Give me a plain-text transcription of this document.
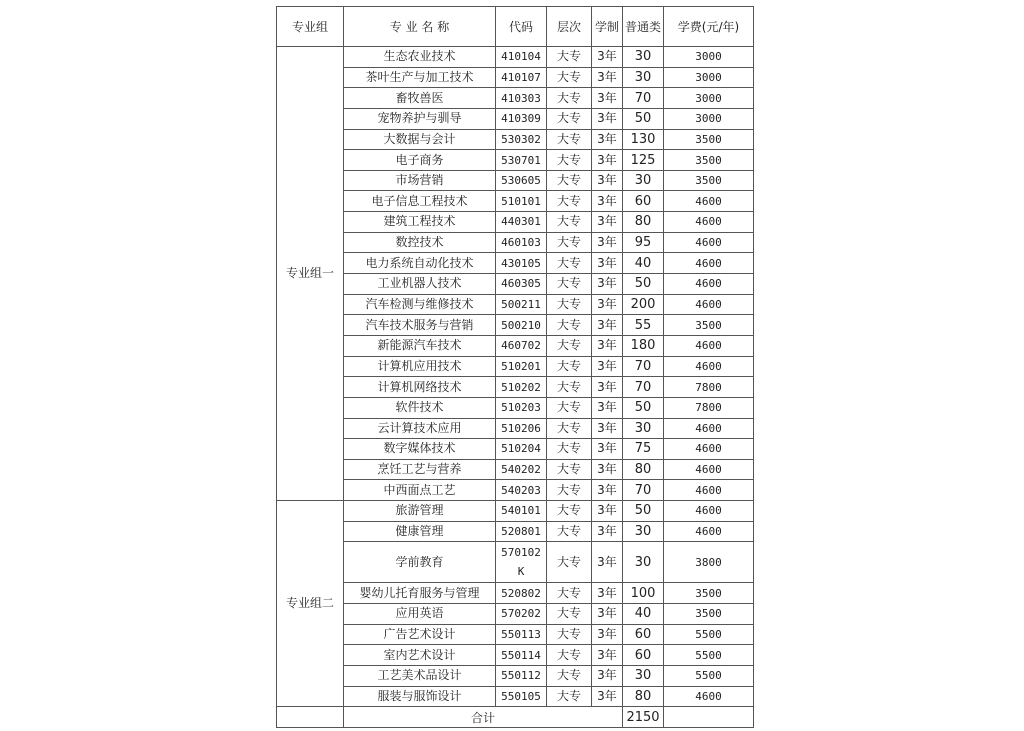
专业组	专 业 名 称	代码	层次	学制	普通类	学费(元/年)
专业组一	生态农业技术	410104	大专	3年	30	3000
	茶叶生产与加工技术	410107	大专	3年	30	3000
	畜牧兽医	410303	大专	3年	70	3000
	宠物养护与驯导	410309	大专	3年	50	3000
	大数据与会计	530302	大专	3年	130	3500
	电子商务	530701	大专	3年	125	3500
	市场营销	530605	大专	3年	30	3500
	电子信息工程技术	510101	大专	3年	60	4600
	建筑工程技术	440301	大专	3年	80	4600
	数控技术	460103	大专	3年	95	4600
	电力系统自动化技术	430105	大专	3年	40	4600
	工业机器人技术	460305	大专	3年	50	4600
	汽车检测与维修技术	500211	大专	3年	200	4600
	汽车技术服务与营销	500210	大专	3年	55	3500
	新能源汽车技术	460702	大专	3年	180	4600
	计算机应用技术	510201	大专	3年	70	4600
	计算机网络技术	510202	大专	3年	70	7800
	软件技术	510203	大专	3年	50	7800
	云计算技术应用	510206	大专	3年	30	4600
	数字媒体技术	510204	大专	3年	75	4600
	烹饪工艺与营养	540202	大专	3年	80	4600
	中西面点工艺	540203	大专	3年	70	4600
专业组二	旅游管理	540101	大专	3年	50	4600
	健康管理	520801	大专	3年	30	4600
	学前教育	570102 K	大专	3年	30	3800
	婴幼儿托育服务与管理	520802	大专	3年	100	3500
	应用英语	570202	大专	3年	40	3500
	广告艺术设计	550113	大专	3年	60	5500
	室内艺术设计	550114	大专	3年	60	5500
	工艺美术品设计	550112	大专	3年	30	5500
	服装与服饰设计	550105	大专	3年	80	4600
	合计				2150	
